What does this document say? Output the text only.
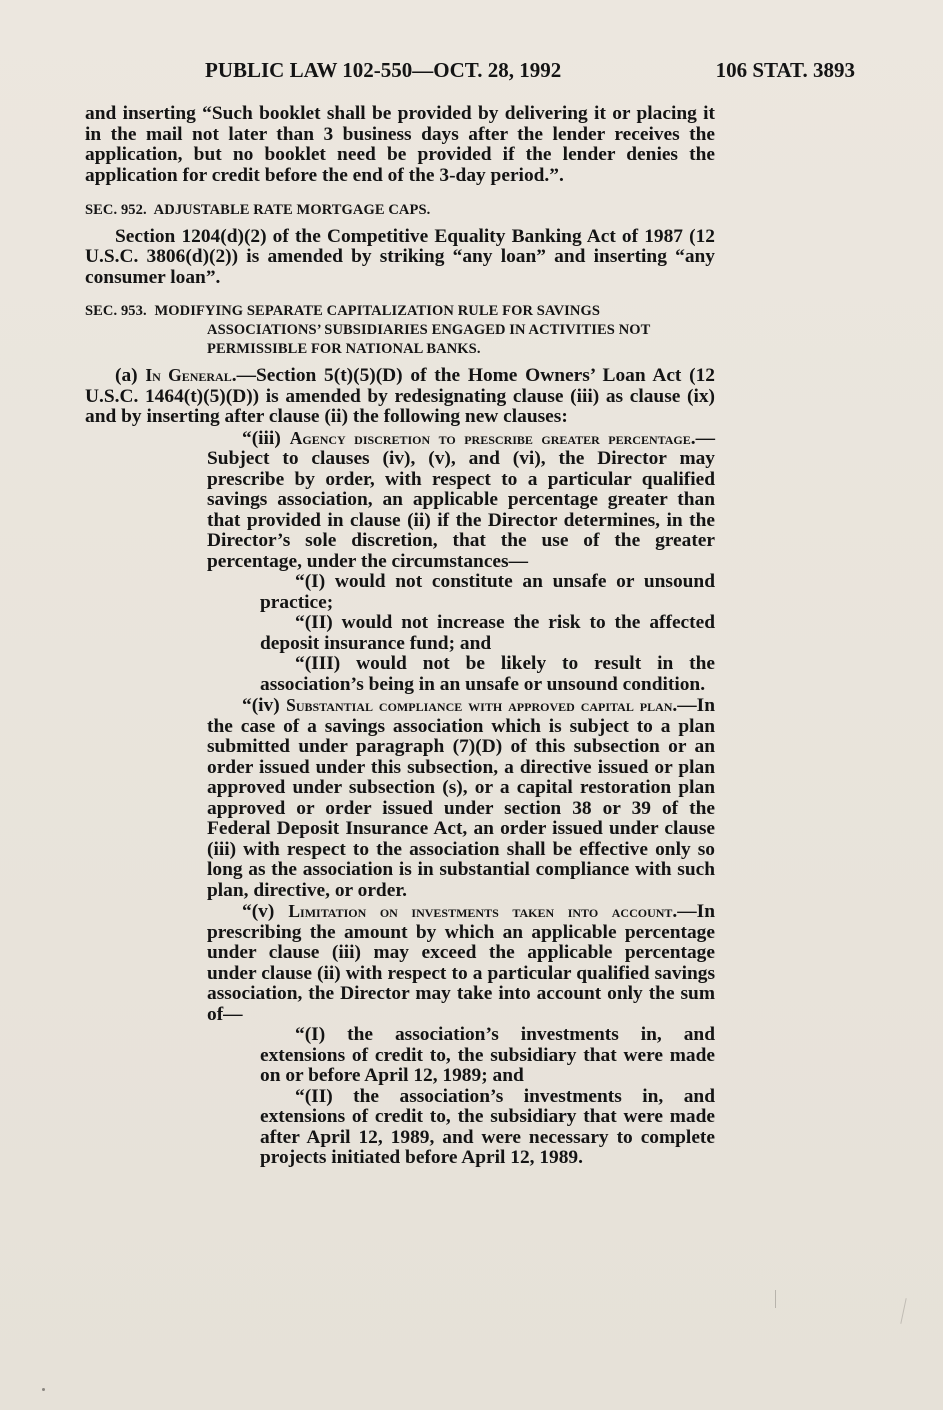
PUBLIC LAW 102-550—OCT. 28, 1992	106 STAT. 3893

and inserting “Such booklet shall be provided by delivering it or placing it in the mail not later than 3 business days after the lender receives the application, but no booklet need be provided if the lender denies the application for credit before the end of the 3-day period.”.

SEC. 952. ADJUSTABLE RATE MORTGAGE CAPS.

Section 1204(d)(2) of the Competitive Equality Banking Act of 1987 (12 U.S.C. 3806(d)(2)) is amended by striking “any loan” and inserting “any consumer loan”.

SEC. 953. MODIFYING SEPARATE CAPITALIZATION RULE FOR SAVINGS ASSOCIATIONS’ SUBSIDIARIES ENGAGED IN ACTIVITIES NOT PERMISSIBLE FOR NATIONAL BANKS.

(a) In General.—Section 5(t)(5)(D) of the Home Owners’ Loan Act (12 U.S.C. 1464(t)(5)(D)) is amended by redesignating clause (iii) as clause (ix) and by inserting after clause (ii) the following new clauses:

“(iii) Agency discretion to prescribe greater percentage.—Subject to clauses (iv), (v), and (vi), the Director may prescribe by order, with respect to a particular qualified savings association, an applicable percentage greater than that provided in clause (ii) if the Director determines, in the Director’s sole discretion, that the use of the greater percentage, under the circumstances—

“(I) would not constitute an unsafe or unsound practice;

“(II) would not increase the risk to the affected deposit insurance fund; and

“(III) would not be likely to result in the association’s being in an unsafe or unsound condition.

“(iv) Substantial compliance with approved capital plan.—In the case of a savings association which is subject to a plan submitted under paragraph (7)(D) of this subsection or an order issued under this subsection, a directive issued or plan approved under subsection (s), or a capital restoration plan approved or order issued under section 38 or 39 of the Federal Deposit Insurance Act, an order issued under clause (iii) with respect to the association shall be effective only so long as the association is in substantial compliance with such plan, directive, or order.

“(v) Limitation on investments taken into account.—In prescribing the amount by which an applicable percentage under clause (iii) may exceed the applicable percentage under clause (ii) with respect to a particular qualified savings association, the Director may take into account only the sum of—

“(I) the association’s investments in, and extensions of credit to, the subsidiary that were made on or before April 12, 1989; and

“(II) the association’s investments in, and extensions of credit to, the subsidiary that were made after April 12, 1989, and were necessary to complete projects initiated before April 12, 1989.
